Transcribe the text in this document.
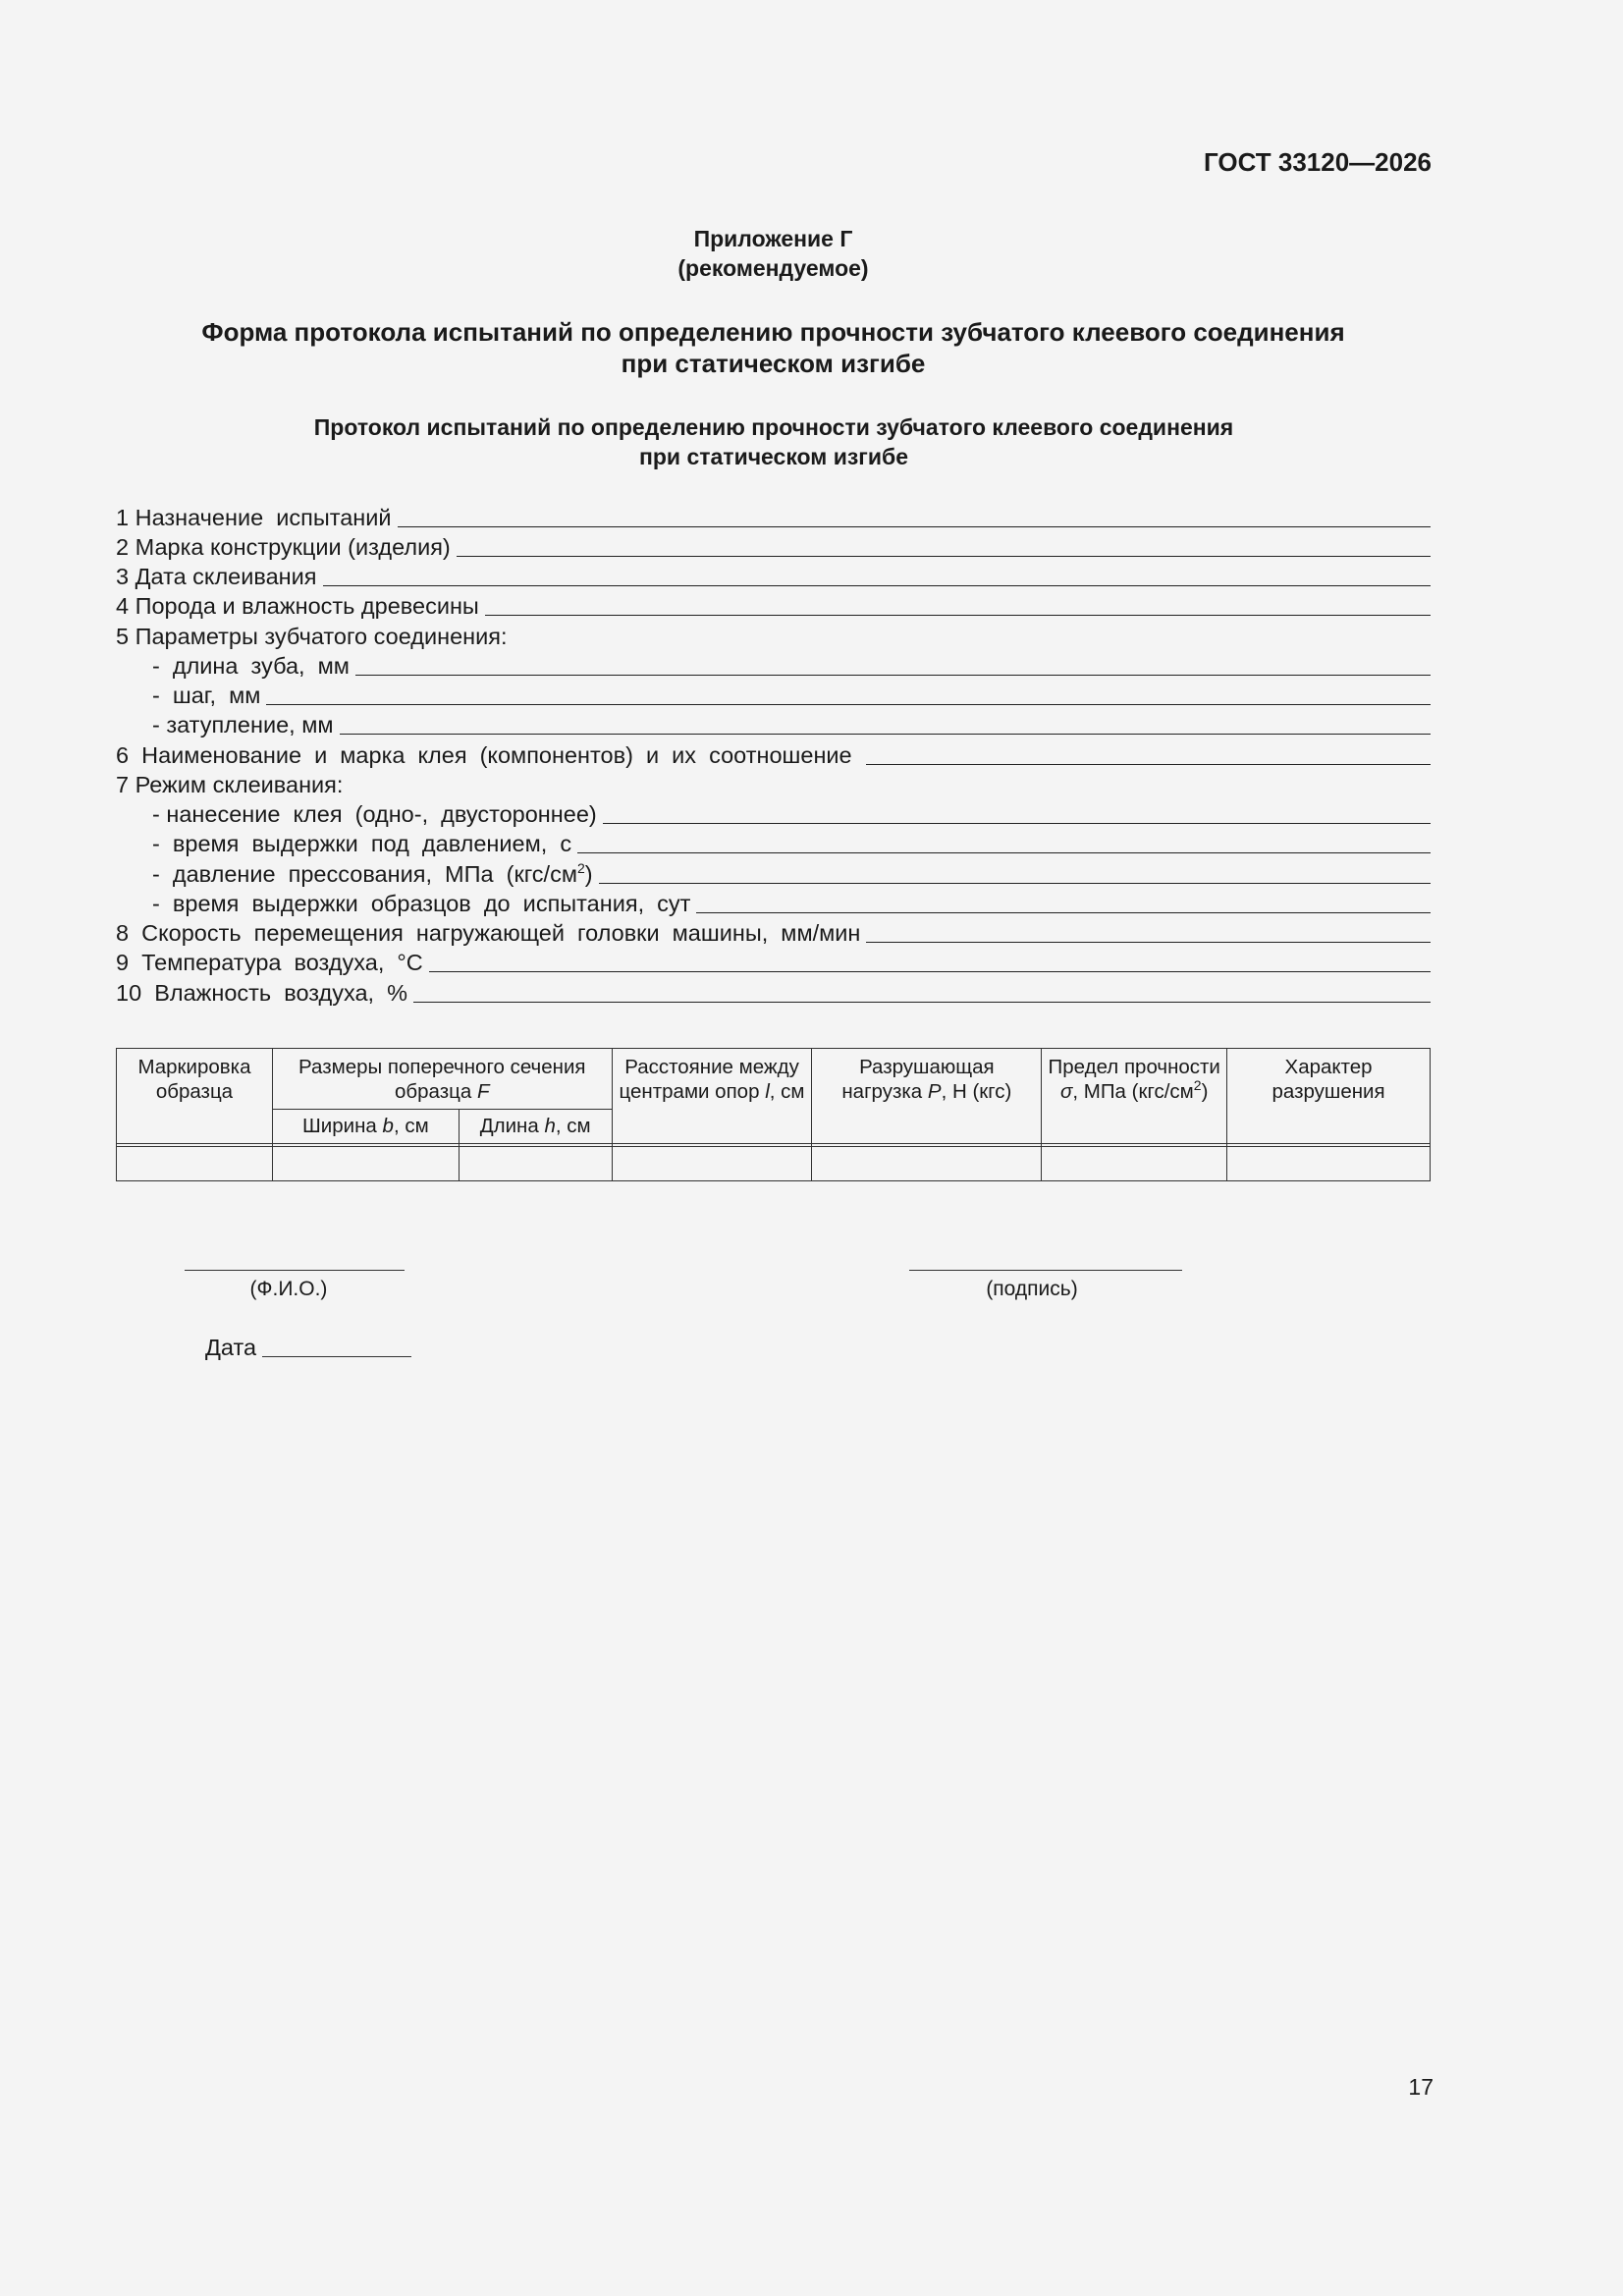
ГОСТ 33120—2026
Приложение Г
(рекомендуемое)
Форма протокола испытаний по определению прочности зубчатого клеевого соединения
при статическом изгибе
Протокол испытаний по определению прочности зубчатого клеевого соединения
при статическом изгибе
1 Назначение  испытаний
2 Марка конструкции (изделия)
3 Дата склеивания
4 Порода и влажность древесины
5 Параметры зубчатого соединения:
-  длина  зуба,  мм
-  шаг,  мм
- затупление, мм
6  Наименование  и  марка  клея  (компонентов)  и  их  соотношение
7 Режим склеивания:
- нанесение  клея  (одно-,  двустороннее)
-  время  выдержки  под  давлением,  с
-  давление  прессования,  МПа  $(кгс/см^2)$
-  время  выдержки  образцов  до  испытания,  сут
8  Скорость  перемещения  нагружающей  головки  машины,  мм/мин
9  Температура  воздуха,  °С
10  Влажность  воздуха,  %
Маркировка образца	Размеры поперечного сечения образца F		Расстояние между центрами опор l, см	Разрушающая нагрузка P, Н (кгс)	Предел прочности σ, МПа $(кгс/см^2)$	Характер разрушения
	Ширина b, см	Длина h, см				

(Ф.И.О.)	(подпись)
Дата
17
